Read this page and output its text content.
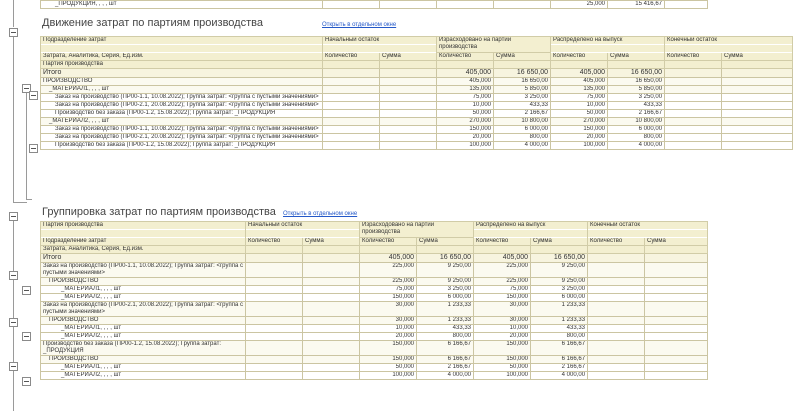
_ПРОДУКЦИЯ, , , , шт					25,000	15 416,67	
Движение затрат по партиям производства	Открыть в отдельном окне
Подразделение затрат	Начальный остаток		Израсходовано на партии производства		Распределено на выпуск		Конечный остаток	

Затрата, Аналитика, Серия, Ед.изм.	Количество	Сумма	Количество	Сумма	Количество	Сумма	Количество	Сумма
Партия производства								
Итого			405,000	16 650,00	405,000	16 650,00		
ПРОИЗВОДСТВО			405,000	16 650,00	405,000	16 650,00		
_МАТЕРИАЛ1, , , , шт			135,000	5 850,00	135,000	5 850,00		
Заказ на производство (ПР00-1.1, 10.08.2022); Группа затрат: <группа с пустыми значениями>			75,000	3 250,00	75,000	3 250,00		
Заказ на производство (ПР00-2.1, 20.08.2022); Группа затрат: <группа с пустыми значениями>			10,000	433,33	10,000	433,33		
Производство без заказа (ПР00-1.2, 15.08.2022); Группа затрат: _ПРОДУКЦИЯ			50,000	2 166,67	50,000	2 166,67		
_МАТЕРИАЛ2, , , , шт			270,000	10 800,00	270,000	10 800,00		
Заказ на производство (ПР00-1.1, 10.08.2022); Группа затрат: <группа с пустыми значениями>			150,000	6 000,00	150,000	6 000,00		
Заказ на производство (ПР00-2.1, 20.08.2022); Группа затрат: <группа с пустыми значениями>			20,000	800,00	20,000	800,00		
Производство без заказа (ПР00-1.2, 15.08.2022); Группа затрат: _ПРОДУКЦИЯ			100,000	4 000,00	100,000	4 000,00		
Группировка затрат по партиям производства Открыть в отдельном окне
Партия производства	Начальный остаток		Израсходовано на партии производства		Распределено на выпуск		Конечный остаток	

Подразделение затрат	Количество	Сумма	Количество	Сумма	Количество	Сумма	Количество	Сумма
Затрата, Аналитика, Серия, Ед.изм.								
Итого			405,000	16 650,00	405,000	16 650,00		
Заказ на производство (ПР00-1.1, 10.08.2022); Группа затрат: <группа с пустыми значениями>			225,000	9 250,00	225,000	9 250,00		
ПРОИЗВОДСТВО			225,000	9 250,00	225,000	9 250,00		
_МАТЕРИАЛ1, , , , шт			75,000	3 250,00	75,000	3 250,00		
_МАТЕРИАЛ2, , , , шт			150,000	6 000,00	150,000	6 000,00		
Заказ на производство (ПР00-2.1, 20.08.2022); Группа затрат: <группа с пустыми значениями>			30,000	1 233,33	30,000	1 233,33		
ПРОИЗВОДСТВО			30,000	1 233,33	30,000	1 233,33		
_МАТЕРИАЛ1, , , , шт			10,000	433,33	10,000	433,33		
_МАТЕРИАЛ2, , , , шт			20,000	800,00	20,000	800,00		
Производство без заказа (ПР00-1.2, 15.08.2022); Группа затрат: _ПРОДУКЦИЯ			150,000	6 166,67	150,000	6 166,67		
ПРОИЗВОДСТВО			150,000	6 166,67	150,000	6 166,67		
_МАТЕРИАЛ1, , , , шт			50,000	2 166,67	50,000	2 166,67		
_МАТЕРИАЛ2, , , , шт			100,000	4 000,00	100,000	4 000,00		
